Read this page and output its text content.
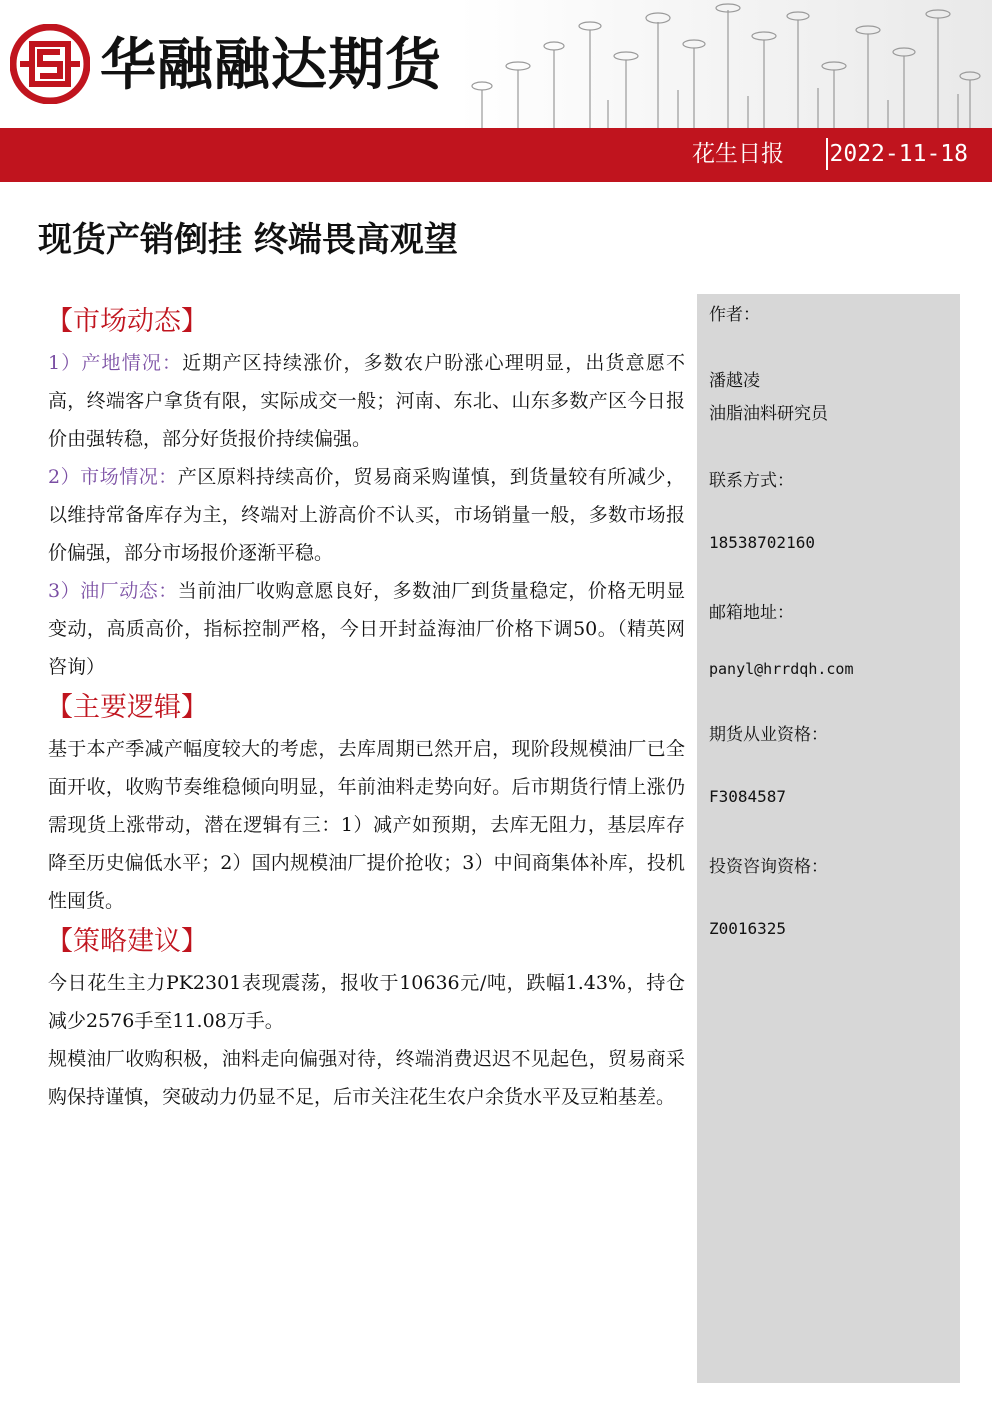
华融融达期货
花生日报 2022-11-18
现货产销倒挂 终端畏高观望
【市场动态】

1）产地情况：近期产区持续涨价，多数农户盼涨心理明显，出货意愿不高，终端客户拿货有限，实际成交一般；河南、东北、山东多数产区今日报价由强转稳，部分好货报价持续偏强。

2）市场情况：产区原料持续高价，贸易商采购谨慎，到货量较有所减少，以维持常备库存为主，终端对上游高价不认买，市场销量一般，多数市场报价偏强，部分市场报价逐渐平稳。

3）油厂动态：当前油厂收购意愿良好，多数油厂到货量稳定，价格无明显变动，高质高价，指标控制严格，今日开封益海油厂价格下调50。（精英网咨询）

【主要逻辑】

基于本产季减产幅度较大的考虑，去库周期已然开启，现阶段规模油厂已全面开收，收购节奏维稳倾向明显，年前油料走势向好。后市期货行情上涨仍需现货上涨带动，潜在逻辑有三：1）减产如预期，去库无阻力，基层库存降至历史偏低水平；2）国内规模油厂提价抢收；3）中间商集体补库，投机性囤货。

【策略建议】

今日花生主力PK2301表现震荡，报收于10636元/吨，跌幅1.43%，持仓减少2576手至11.08万手。

规模油厂收购积极，油料走向偏强对待，终端消费迟迟不见起色，贸易商采购保持谨慎，突破动力仍显不足，后市关注花生农户余货水平及豆粕基差。

作者：
潘越凌
油脂油料研究员
联系方式：
18538702160
邮箱地址：
panyl@hrrdqh.com
期货从业资格：
F3084587
投资咨询资格：
Z0016325
